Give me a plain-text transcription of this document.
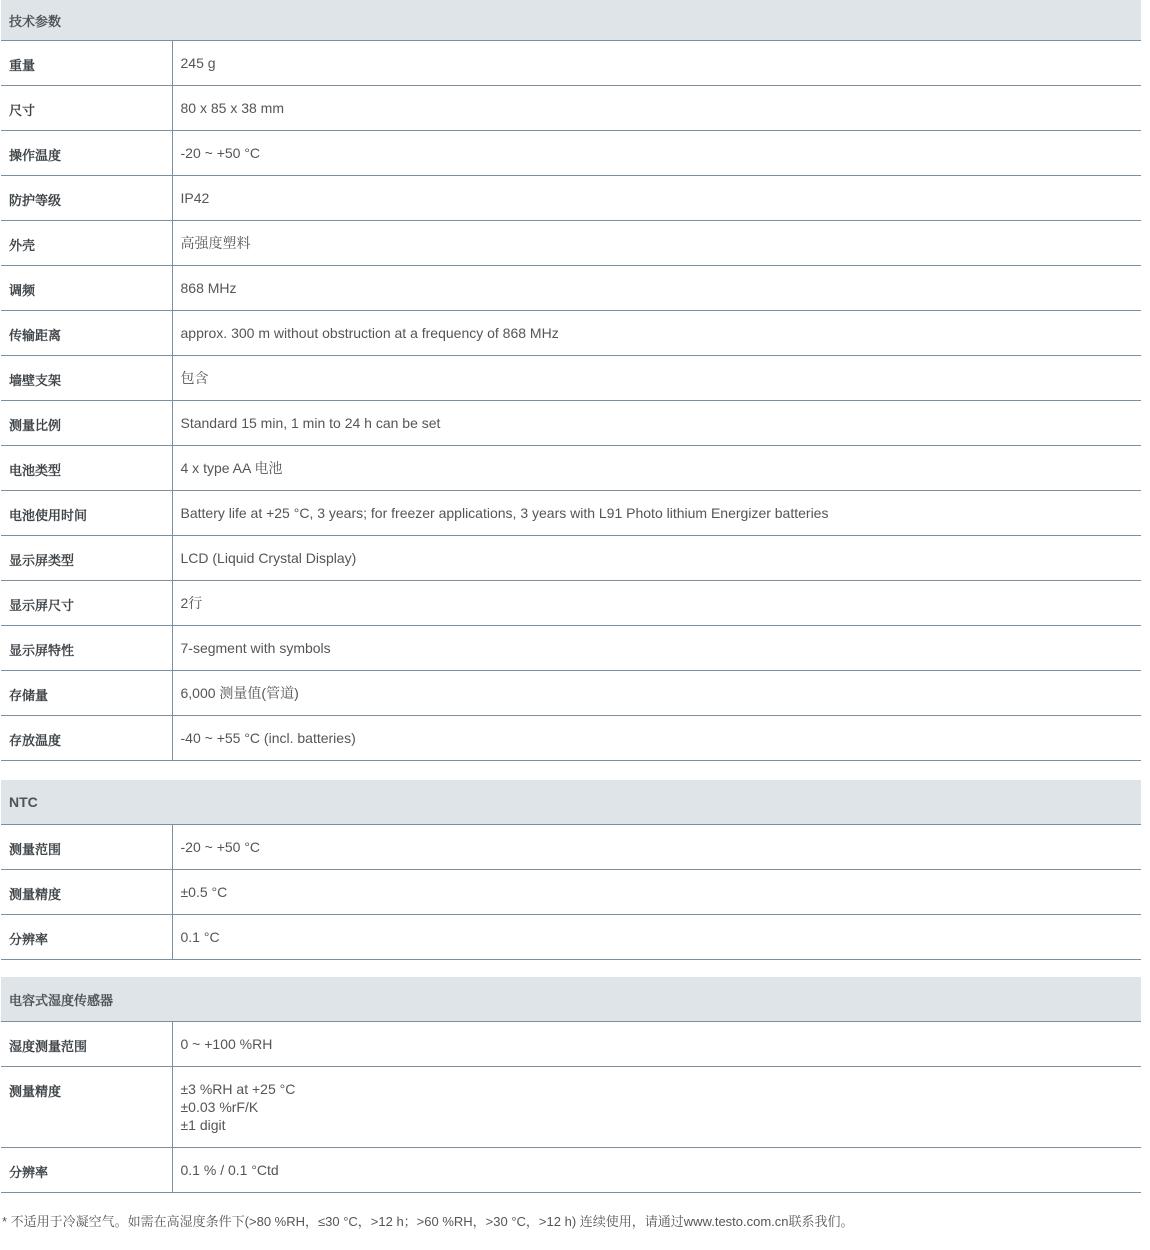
技术参数	
重量	245 g
尺寸	80 x 85 x 38 mm
操作温度	-20 ~ +50 °C
防护等级	IP42
外壳	高强度塑料
调频	868 MHz
传输距离	approx. 300 m without obstruction at a frequency of 868 MHz
墙壁支架	包含
测量比例	Standard 15 min, 1 min to 24 h can be set
电池类型	4 x type AA 电池
电池使用时间	Battery life at +25 °C, 3 years; for freezer applications, 3 years with L91 Photo lithium Energizer batteries
显示屏类型	LCD (Liquid Crystal Display)
显示屏尺寸	2行
显示屏特性	7-segment with symbols
存储量	6,000 测量值(管道)
存放温度	-40 ~ +55 °C (incl. batteries)
NTC	
测量范围	-20 ~ +50 °C
测量精度	±0.5 °C
分辨率	0.1 °C
电容式湿度传感器	
湿度测量范围	0 ~ +100 %RH
测量精度	±3 %RH at +25 °C
±0.03 %rF/K
±1 digit

分辨率	0.1 % / 0.1 °Ctd
* 不适用于冷凝空气。如需在高湿度条件下(>80 %RH，≤30 °C，>12 h；>60 %RH，>30 °C，>12 h) 连续使用，请通过www.testo.com.cn联系我们。
